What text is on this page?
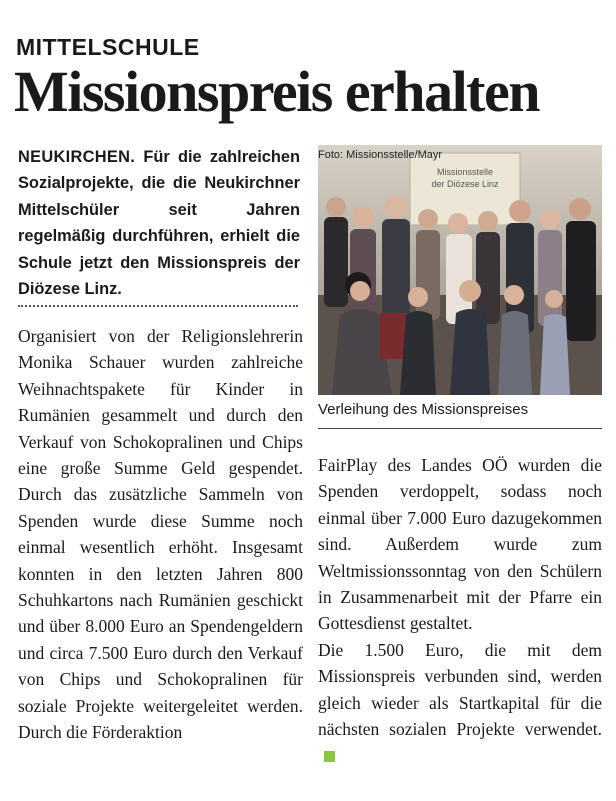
MITTELSCHULE
Missionspreis erhalten

NEUKIRCHEN. Für die zahlreichen Sozialprojekte, die die Neukirchner Mittelschüler seit Jahren regelmäßig durchführen, erhielt die Schule jetzt den Missionspreis der Diözese Linz.

Organisiert von der Religionslehrerin Monika Schauer wurden zahlreiche Weihnachtspakete für Kinder in Rumänien gesammelt und durch den Verkauf von Schokopralinen und Chips eine große Summe Geld gespendet. Durch das zusätzliche Sammeln von Spenden wurde diese Summe noch einmal wesentlich erhöht. Insgesamt konnten in den letzten Jahren 800 Schuhkartons nach Rumänien geschickt und über 8.000 Euro an Spendengeldern und circa 7.500 Euro durch den Verkauf von Chips und Schokopralinen für soziale Projekte weitergeleitet werden. Durch die Förderaktion

Missionsstelle
der Diözese Linz

Foto: Missionsstelle/Mayr

Verleihung des Missionspreises

FairPlay des Landes OÖ wurden die Spenden verdoppelt, sodass noch einmal über 7.000 Euro dazugekommen sind. Außerdem wurde zum Weltmissionssonntag von den Schülern in Zusammenarbeit mit der Pfarre ein Gottesdienst gestaltet.
Die 1.500 Euro, die mit dem Missionspreis verbunden sind, werden gleich wieder als Startkapital für die nächsten sozialen Projekte verwendet.
